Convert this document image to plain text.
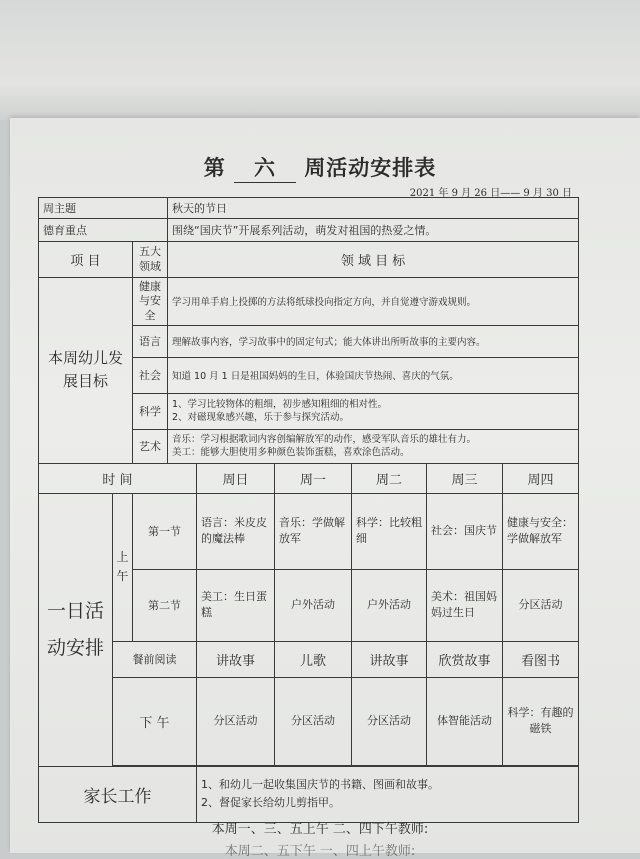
第 六 周活动安排表
2021 年 9 月 26 日—— 9 月 30 日
周主题			秋天的节日					
德育重点			围绕“国庆节”开展系列活动，萌发对祖国的热爱之情。					
项 目		五大 领域	领 域 目 标					
本周幼儿发展目标		健康与安全	学习用单手肩上投掷的方法将纸球投向指定方向，并自觉遵守游戏规则。					
		语言	理解故事内容，学习故事中的固定句式；能大体讲出所听故事的主要内容。					
		社会	知道 10 月 1 日是祖国妈妈的生日，体验国庆节热闹、喜庆的气氛。					
		科学	1、学习比较物体的粗细，初步感知粗细的相对性。
2、对磁现象感兴趣，乐于参与探究活动。					

		艺术	音乐：学习根据歌词内容创编解放军的动作，感受军队音乐的雄壮有力。
美工：能够大胆使用多种颜色装饰蛋糕，喜欢涂色活动。					

时 间				周日	周一	周二	周三	周四
一日活动安排	上午	第一节		语言：米皮皮的魔法棒	音乐：学做解放军	科学：比较粗细	社会：国庆节	健康与安全：学做解放军
		第二节		美工：生日蛋糕	户外活动	户外活动	美术：祖国妈妈过生日	分区活动
	餐前阅读			讲故事	儿歌	讲故事	欣赏故事	看图书
	下 午			分区活动	分区活动	分区活动	体智能活动	科学：有趣的磁铁

家长工作				1、和幼儿一起收集国庆节的书籍、图画和故事。
2、督促家长给幼儿剪指甲。				
本周一、三、五上午 二、四下午教师:
本周二、五下午 一、四上午教师:
